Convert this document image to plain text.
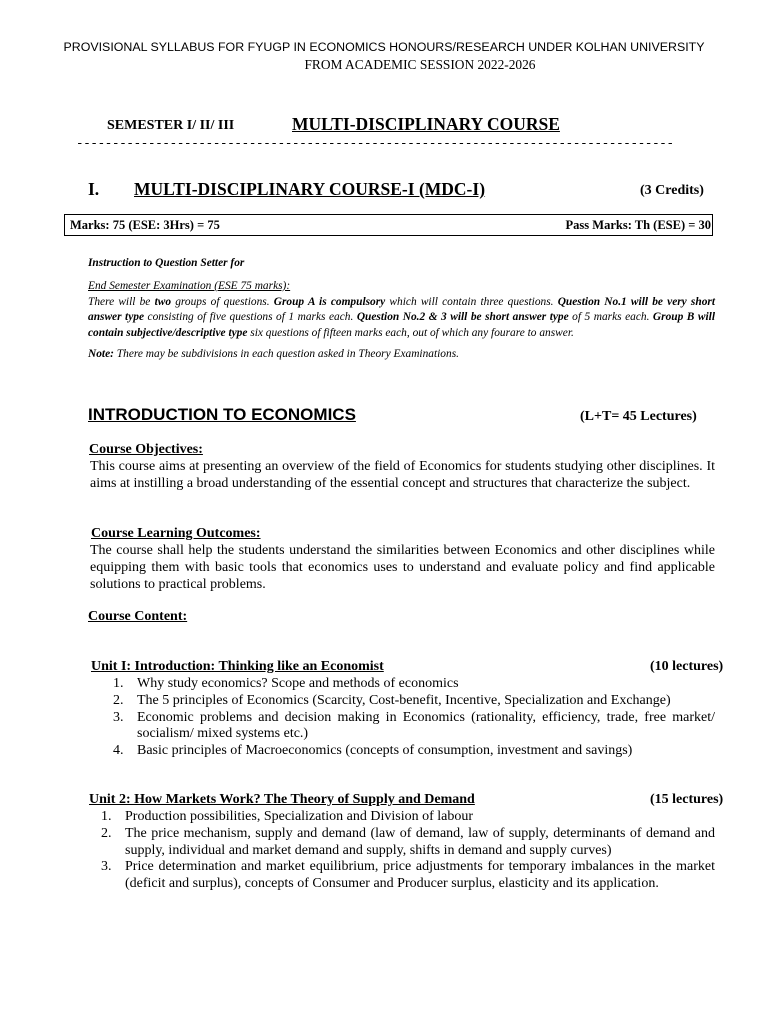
PROVISIONAL SYLLABUS FOR FYUGP IN ECONOMICS HONOURS/RESEARCH UNDER KOLHAN UNIVERSITY
FROM ACADEMIC SESSION 2022-2026
SEMESTER I/ II/ III	MULTI-DISCIPLINARY COURSE
-----------------------------------------------------------------------------------
I. MULTI-DISCIPLINARY COURSE-I (MDC-I)	(3 Credits)
Marks: 75 (ESE: 3Hrs) = 75	Pass Marks: Th (ESE) = 30

Instruction to Question Setter for

End Semester Examination (ESE 75 marks):

There will be two groups of questions. Group A is compulsory which will contain three questions. Question No.1 will be very short answer type consisting of five questions of 1 marks each. Question No.2 & 3 will be short answer type of 5 marks each. Group B will contain subjective/descriptive type six questions of fifteen marks each, out of which any fourare to answer.

Note: There may be subdivisions in each question asked in Theory Examinations.

INTRODUCTION TO ECONOMICS	(L+T= 45 Lectures)
Course Objectives:
This course aims at presenting an overview of the field of Economics for students studying other disciplines. It aims at instilling a broad understanding of the essential concept and structures that characterize the subject.
Course Learning Outcomes:
The course shall help the students understand the similarities between Economics and other disciplines while equipping them with basic tools that economics uses to understand and evaluate policy and find applicable solutions to practical problems.
Course Content:
Unit I: Introduction: Thinking like an Economist	(10 lectures)
1. Why study economics? Scope and methods of economics
2. The 5 principles of Economics (Scarcity, Cost-benefit, Incentive, Specialization and Exchange)
3. Economic problems and decision making in Economics (rationality, efficiency, trade, free market/ socialism/ mixed systems etc.)
4. Basic principles of Macroeconomics (concepts of consumption, investment and savings)
Unit 2: How Markets Work? The Theory of Supply and Demand	(15 lectures)
1. Production possibilities, Specialization and Division of labour
2. The price mechanism, supply and demand (law of demand, law of supply, determinants of demand and supply, individual and market demand and supply, shifts in demand and supply curves)
3. Price determination and market equilibrium, price adjustments for temporary imbalances in the market (deficit and surplus), concepts of Consumer and Producer surplus, elasticity and its application.
